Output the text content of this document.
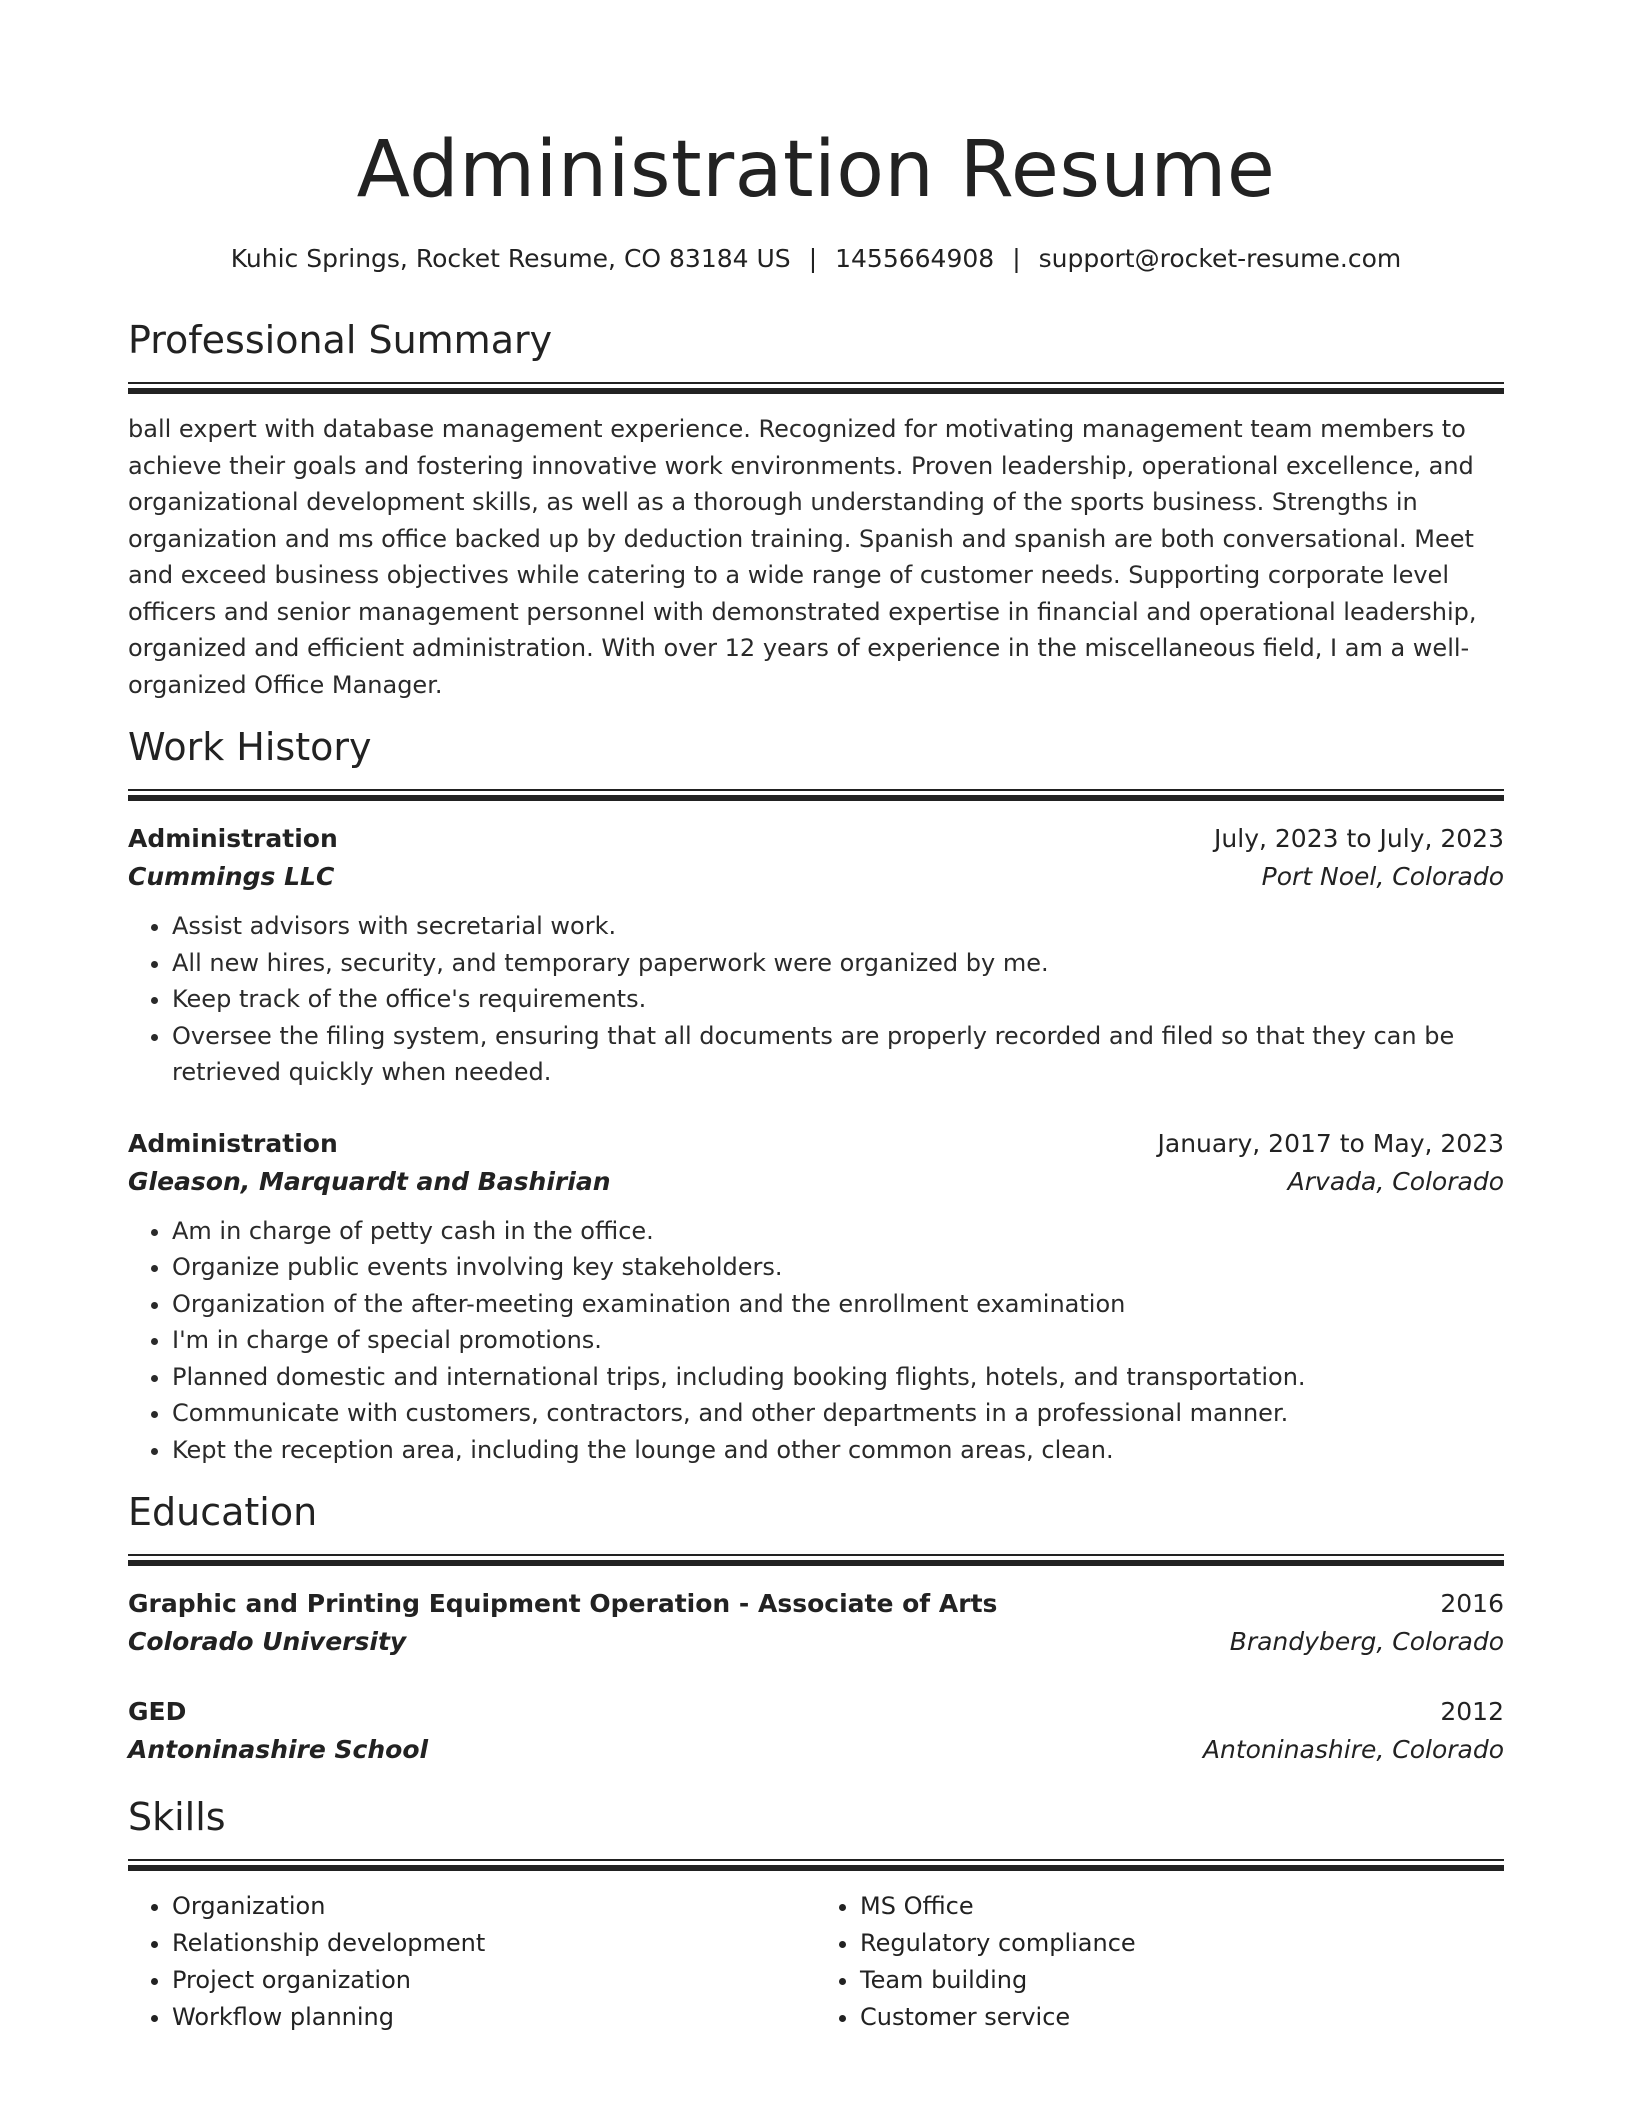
Administration Resume
Kuhic Springs, Rocket Resume, CO 83184 US | 1455664908 | support@rocket-resume.com
Professional Summary
ball expert with database management experience. Recognized for motivating management team members to achieve their goals and fostering innovative work environments. Proven leadership, operational excellence, and organizational development skills, as well as a thorough understanding of the sports business. Strengths in organization and ms office backed up by deduction training. Spanish and spanish are both conversational. Meet and exceed business objectives while catering to a wide range of customer needs. Supporting corporate level officers and senior management personnel with demonstrated expertise in financial and operational leadership, organized and efficient administration. With over 12 years of experience in the miscellaneous field, I am a well-organized Office Manager.
Work History
Administration	July, 2023 to July, 2023
Cummings LLC	Port Noel, Colorado
• Assist advisors with secretarial work.
• All new hires, security, and temporary paperwork were organized by me.
• Keep track of the office's requirements.
• Oversee the filing system, ensuring that all documents are properly recorded and filed so that they can be retrieved quickly when needed.
Administration	January, 2017 to May, 2023
Gleason, Marquardt and Bashirian	Arvada, Colorado
• Am in charge of petty cash in the office.
• Organize public events involving key stakeholders.
• Organization of the after-meeting examination and the enrollment examination
• I'm in charge of special promotions.
• Planned domestic and international trips, including booking flights, hotels, and transportation.
• Communicate with customers, contractors, and other departments in a professional manner.
• Kept the reception area, including the lounge and other common areas, clean.
Education
Graphic and Printing Equipment Operation - Associate of Arts	2016
Colorado University	Brandyberg, Colorado
GED	2012
Antoninashire School	Antoninashire, Colorado
Skills
• Organization
• Relationship development
• Project organization
• Workflow planning
• MS Office
• Regulatory compliance
• Team building
• Customer service
